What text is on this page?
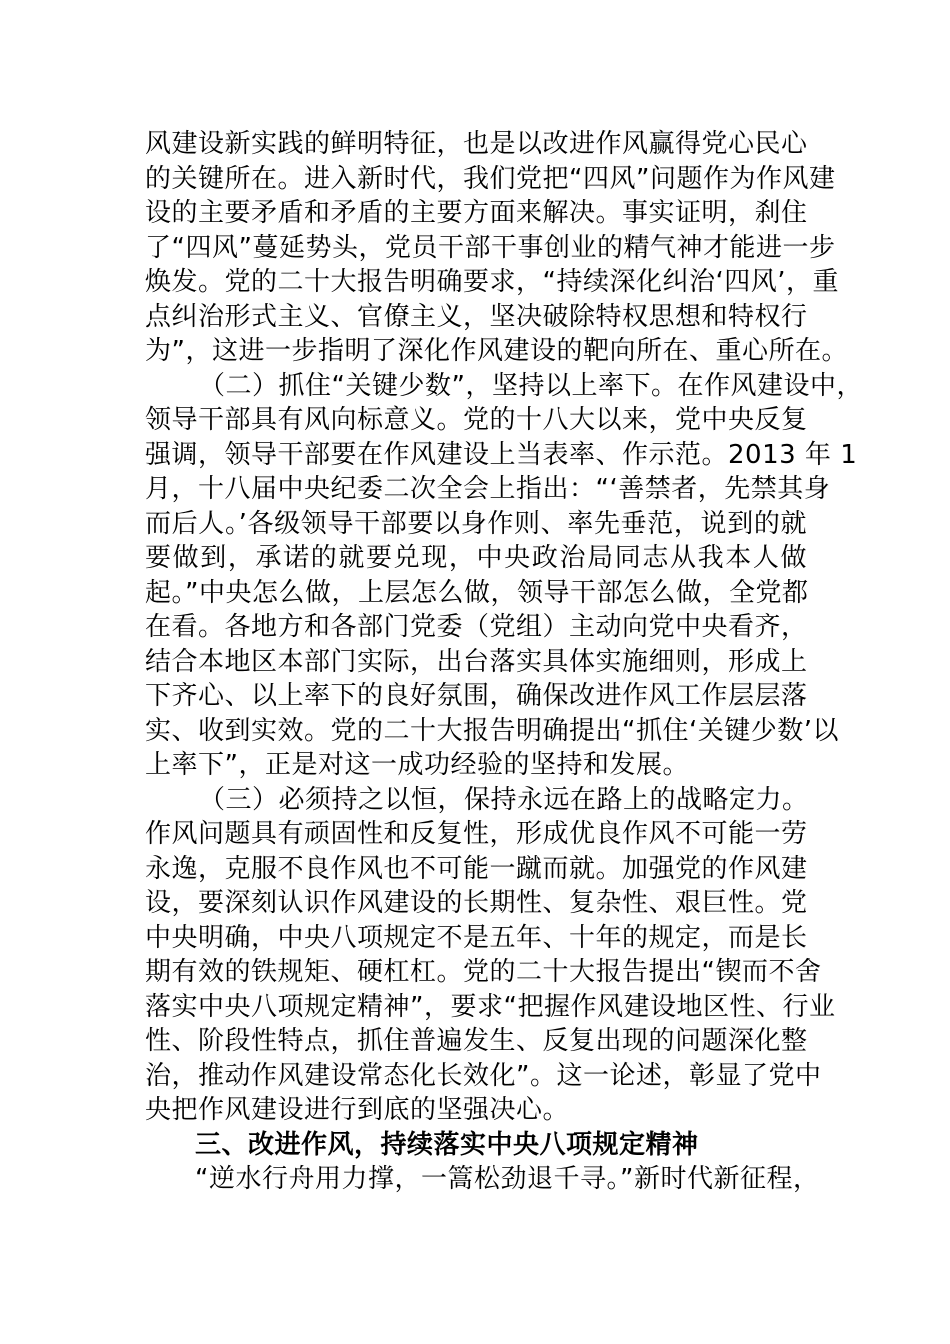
风建设新实践的鲜明特征，也是以改进作风赢得党心民心
的关键所在。进入新时代，我们党把“四风”问题作为作风建
设的主要矛盾和矛盾的主要方面来解决。事实证明，刹住
了“四风”蔓延势头，党员干部干事创业的精气神才能进一步
焕发。党的二十大报告明确要求，“持续深化纠治‘四风’，重
点纠治形式主义、官僚主义，坚决破除特权思想和特权行
为”，这进一步指明了深化作风建设的靶向所在、重心所在。
（二）抓住“关键少数”，坚持以上率下。在作风建设中，
领导干部具有风向标意义。党的十八大以来，党中央反复
强调，领导干部要在作风建设上当表率、作示范。2013 年 1
月，十八届中央纪委二次全会上指出：“‘善禁者，先禁其身
而后人。’各级领导干部要以身作则、率先垂范，说到的就
要做到，承诺的就要兑现，中央政治局同志从我本人做
起。”中央怎么做，上层怎么做，领导干部怎么做，全党都
在看。各地方和各部门党委（党组）主动向党中央看齐，
结合本地区本部门实际，出台落实具体实施细则，形成上
下齐心、以上率下的良好氛围，确保改进作风工作层层落
实、收到实效。党的二十大报告明确提出“抓住‘关键少数’以
上率下”，正是对这一成功经验的坚持和发展。
（三）必须持之以恒，保持永远在路上的战略定力。
作风问题具有顽固性和反复性，形成优良作风不可能一劳
永逸，克服不良作风也不可能一蹴而就。加强党的作风建
设，要深刻认识作风建设的长期性、复杂性、艰巨性。党
中央明确，中央八项规定不是五年、十年的规定，而是长
期有效的铁规矩、硬杠杠。党的二十大报告提出“锲而不舍
落实中央八项规定精神”，要求“把握作风建设地区性、行业
性、阶段性特点，抓住普遍发生、反复出现的问题深化整
治，推动作风建设常态化长效化”。这一论述，彰显了党中
央把作风建设进行到底的坚强决心。
三、改进作风，持续落实中央八项规定精神
“逆水行舟用力撑，一篙松劲退千寻。”新时代新征程，
